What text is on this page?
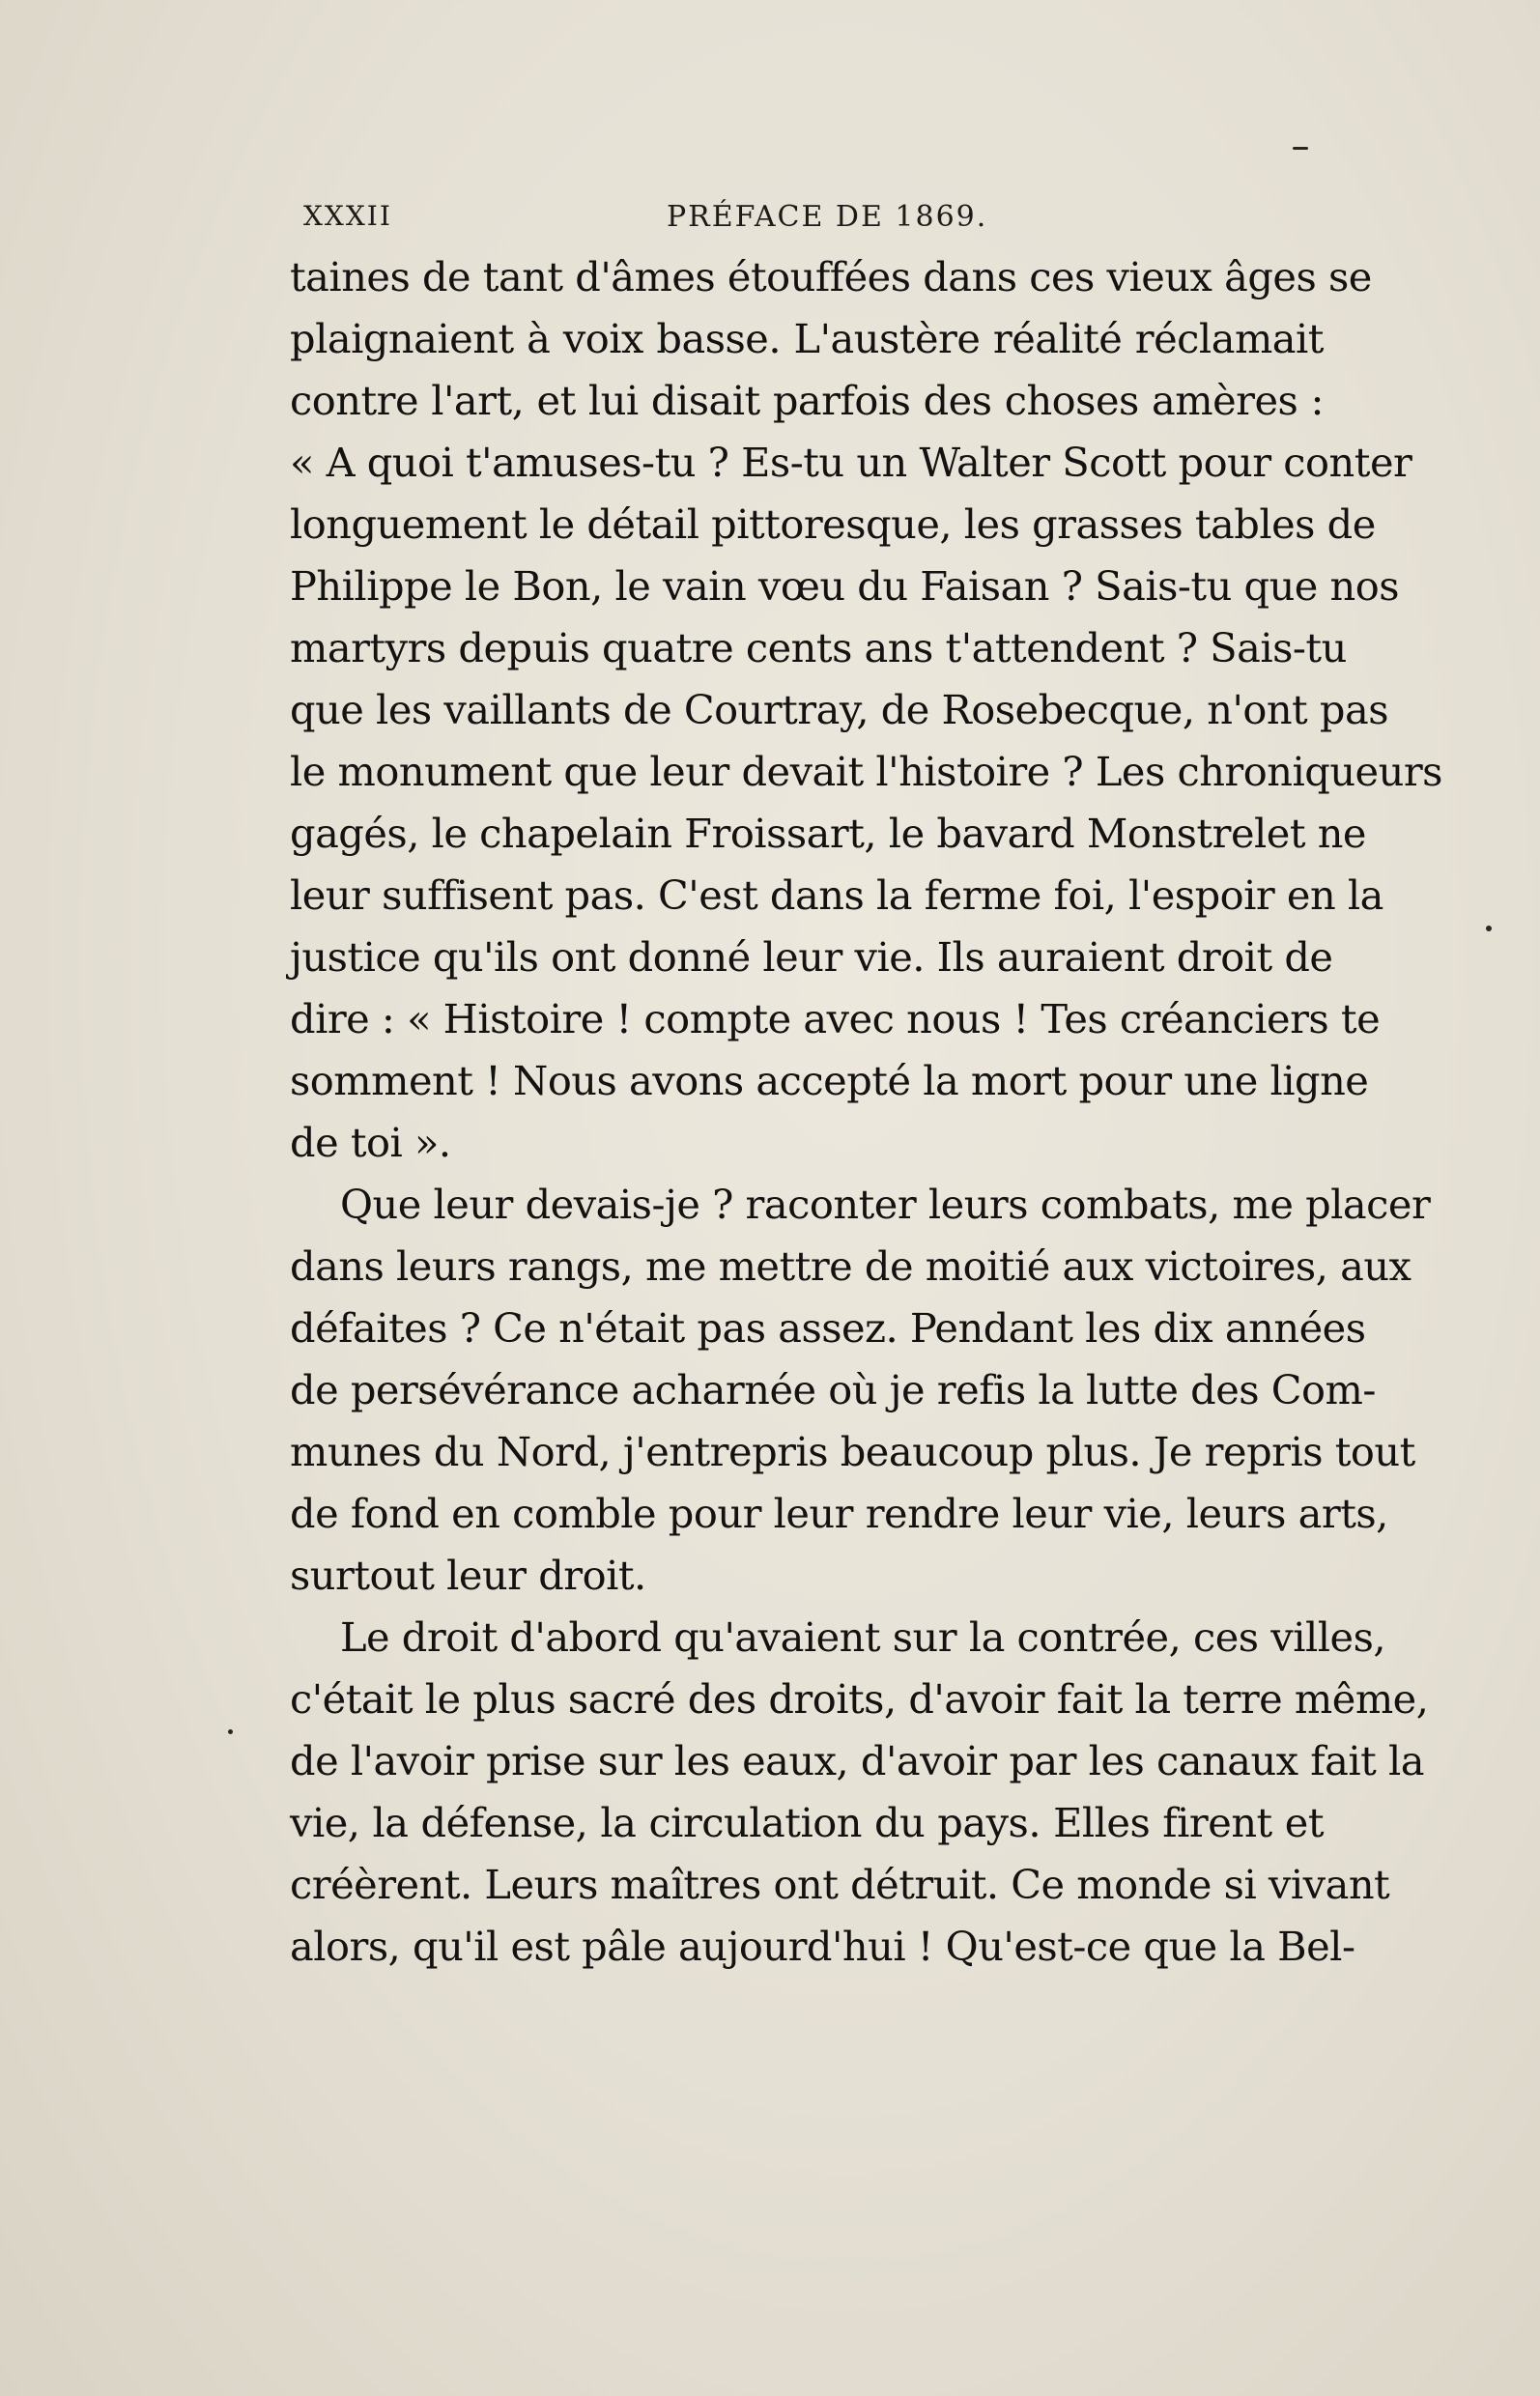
XXXII	PRÉFACE DE 1869.
taines de tant d'âmes étouffées dans ces vieux âges se
plaignaient à voix basse. L'austère réalité réclamait
contre l'art, et lui disait parfois des choses amères :
« A quoi t'amuses-tu ? Es-tu un Walter Scott pour conter
longuement le détail pittoresque, les grasses tables de
Philippe le Bon, le vain vœu du Faisan ? Sais-tu que nos
martyrs depuis quatre cents ans t'attendent ? Sais-tu
que les vaillants de Courtray, de Rosebecque, n'ont pas
le monument que leur devait l'histoire ? Les chroniqueurs
gagés, le chapelain Froissart, le bavard Monstrelet ne
leur suffisent pas. C'est dans la ferme foi, l'espoir en la
justice qu'ils ont donné leur vie. Ils auraient droit de
dire : « Histoire ! compte avec nous ! Tes créanciers te
somment ! Nous avons accepté la mort pour une ligne
de toi ».
Que leur devais-je ? raconter leurs combats, me placer
dans leurs rangs, me mettre de moitié aux victoires, aux
défaites ? Ce n'était pas assez. Pendant les dix années
de persévérance acharnée où je refis la lutte des Com-
munes du Nord, j'entrepris beaucoup plus. Je repris tout
de fond en comble pour leur rendre leur vie, leurs arts,
surtout leur droit.
Le droit d'abord qu'avaient sur la contrée, ces villes,
c'était le plus sacré des droits, d'avoir fait la terre même,
de l'avoir prise sur les eaux, d'avoir par les canaux fait la
vie, la défense, la circulation du pays. Elles firent et
créèrent. Leurs maîtres ont détruit. Ce monde si vivant
alors, qu'il est pâle aujourd'hui ! Qu'est-ce que la Bel-
